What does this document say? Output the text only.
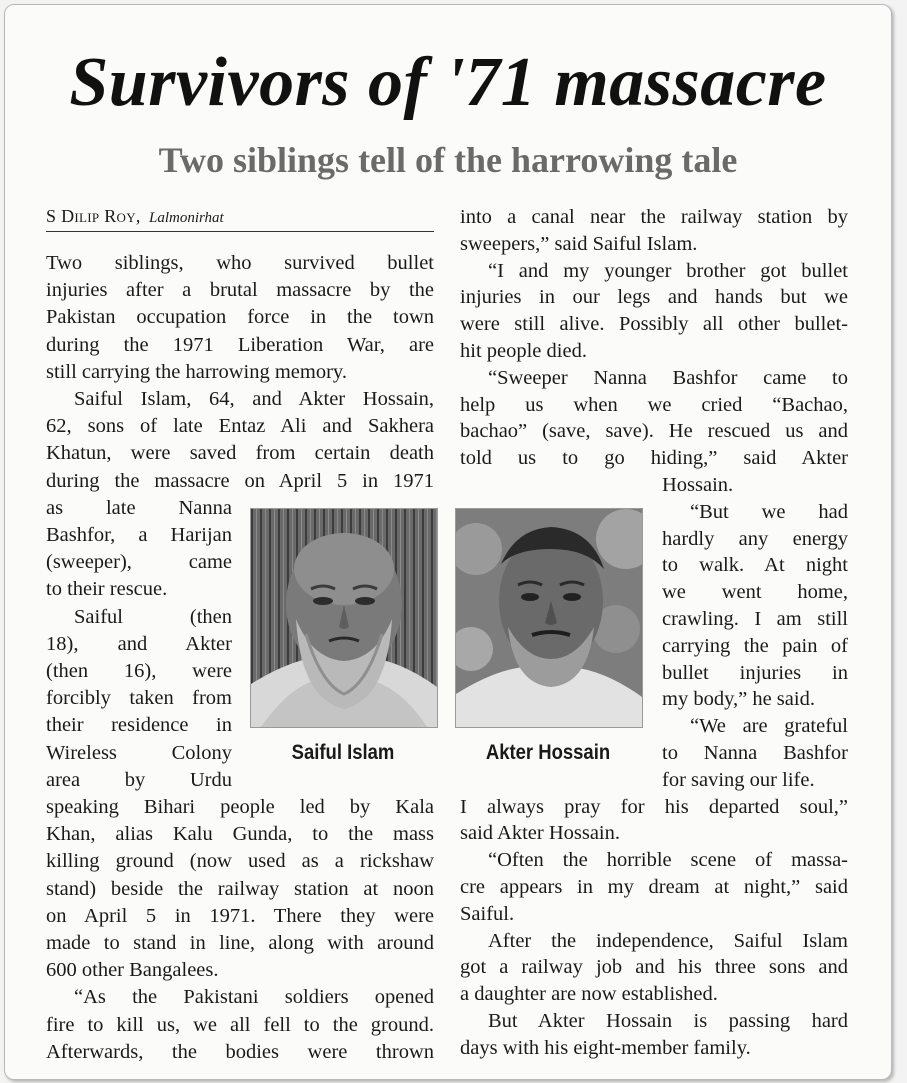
Survivors of '71 massacre
Two siblings tell of the harrowing tale
S Dilip Roy, Lalmonirhat
Two siblings, who survived bullet
injuries after a brutal massacre by the
Pakistan occupation force in the town
during the 1971 Liberation War, are
still carrying the harrowing memory.
Saiful Islam, 64, and Akter Hossain,
62, sons of late Entaz Ali and Sakhera
Khatun, were saved from certain death
during the massacre on April 5 in 1971
as late Nanna
Bashfor, a Harijan
(sweeper), came
to their rescue.
Saiful (then
18), and Akter
(then 16), were
forcibly taken from
their residence in
Wireless Colony
area by Urdu
speaking Bihari people led by Kala
Khan, alias Kalu Gunda, to the mass
killing ground (now used as a rickshaw
stand) beside the railway station at noon
on April 5 in 1971. There they were
made to stand in line, along with around
600 other Bangalees.
“As the Pakistani soldiers opened
fire to kill us, we all fell to the ground.
Afterwards, the bodies were thrown
into a canal near the railway station by
sweepers,” said Saiful Islam.
“I and my younger brother got bullet
injuries in our legs and hands but we
were still alive. Possibly all other bullet-
hit people died.
“Sweeper Nanna Bashfor came to
help us when we cried “Bachao,
bachao” (save, save). He rescued us and
told us to go hiding,” said Akter
Hossain.
“But we had
hardly any energy
to walk. At night
we went home,
crawling. I am still
carrying the pain of
bullet injuries in
my body,” he said.
“We are grateful
to Nanna Bashfor
for saving our life.
I always pray for his departed soul,”
said Akter Hossain.
“Often the horrible scene of massa-
cre appears in my dream at night,” said
Saiful.
After the independence, Saiful Islam
got a railway job and his three sons and
a daughter are now established.
But Akter Hossain is passing hard
days with his eight-member family.
Saiful Islam	Akter Hossain
